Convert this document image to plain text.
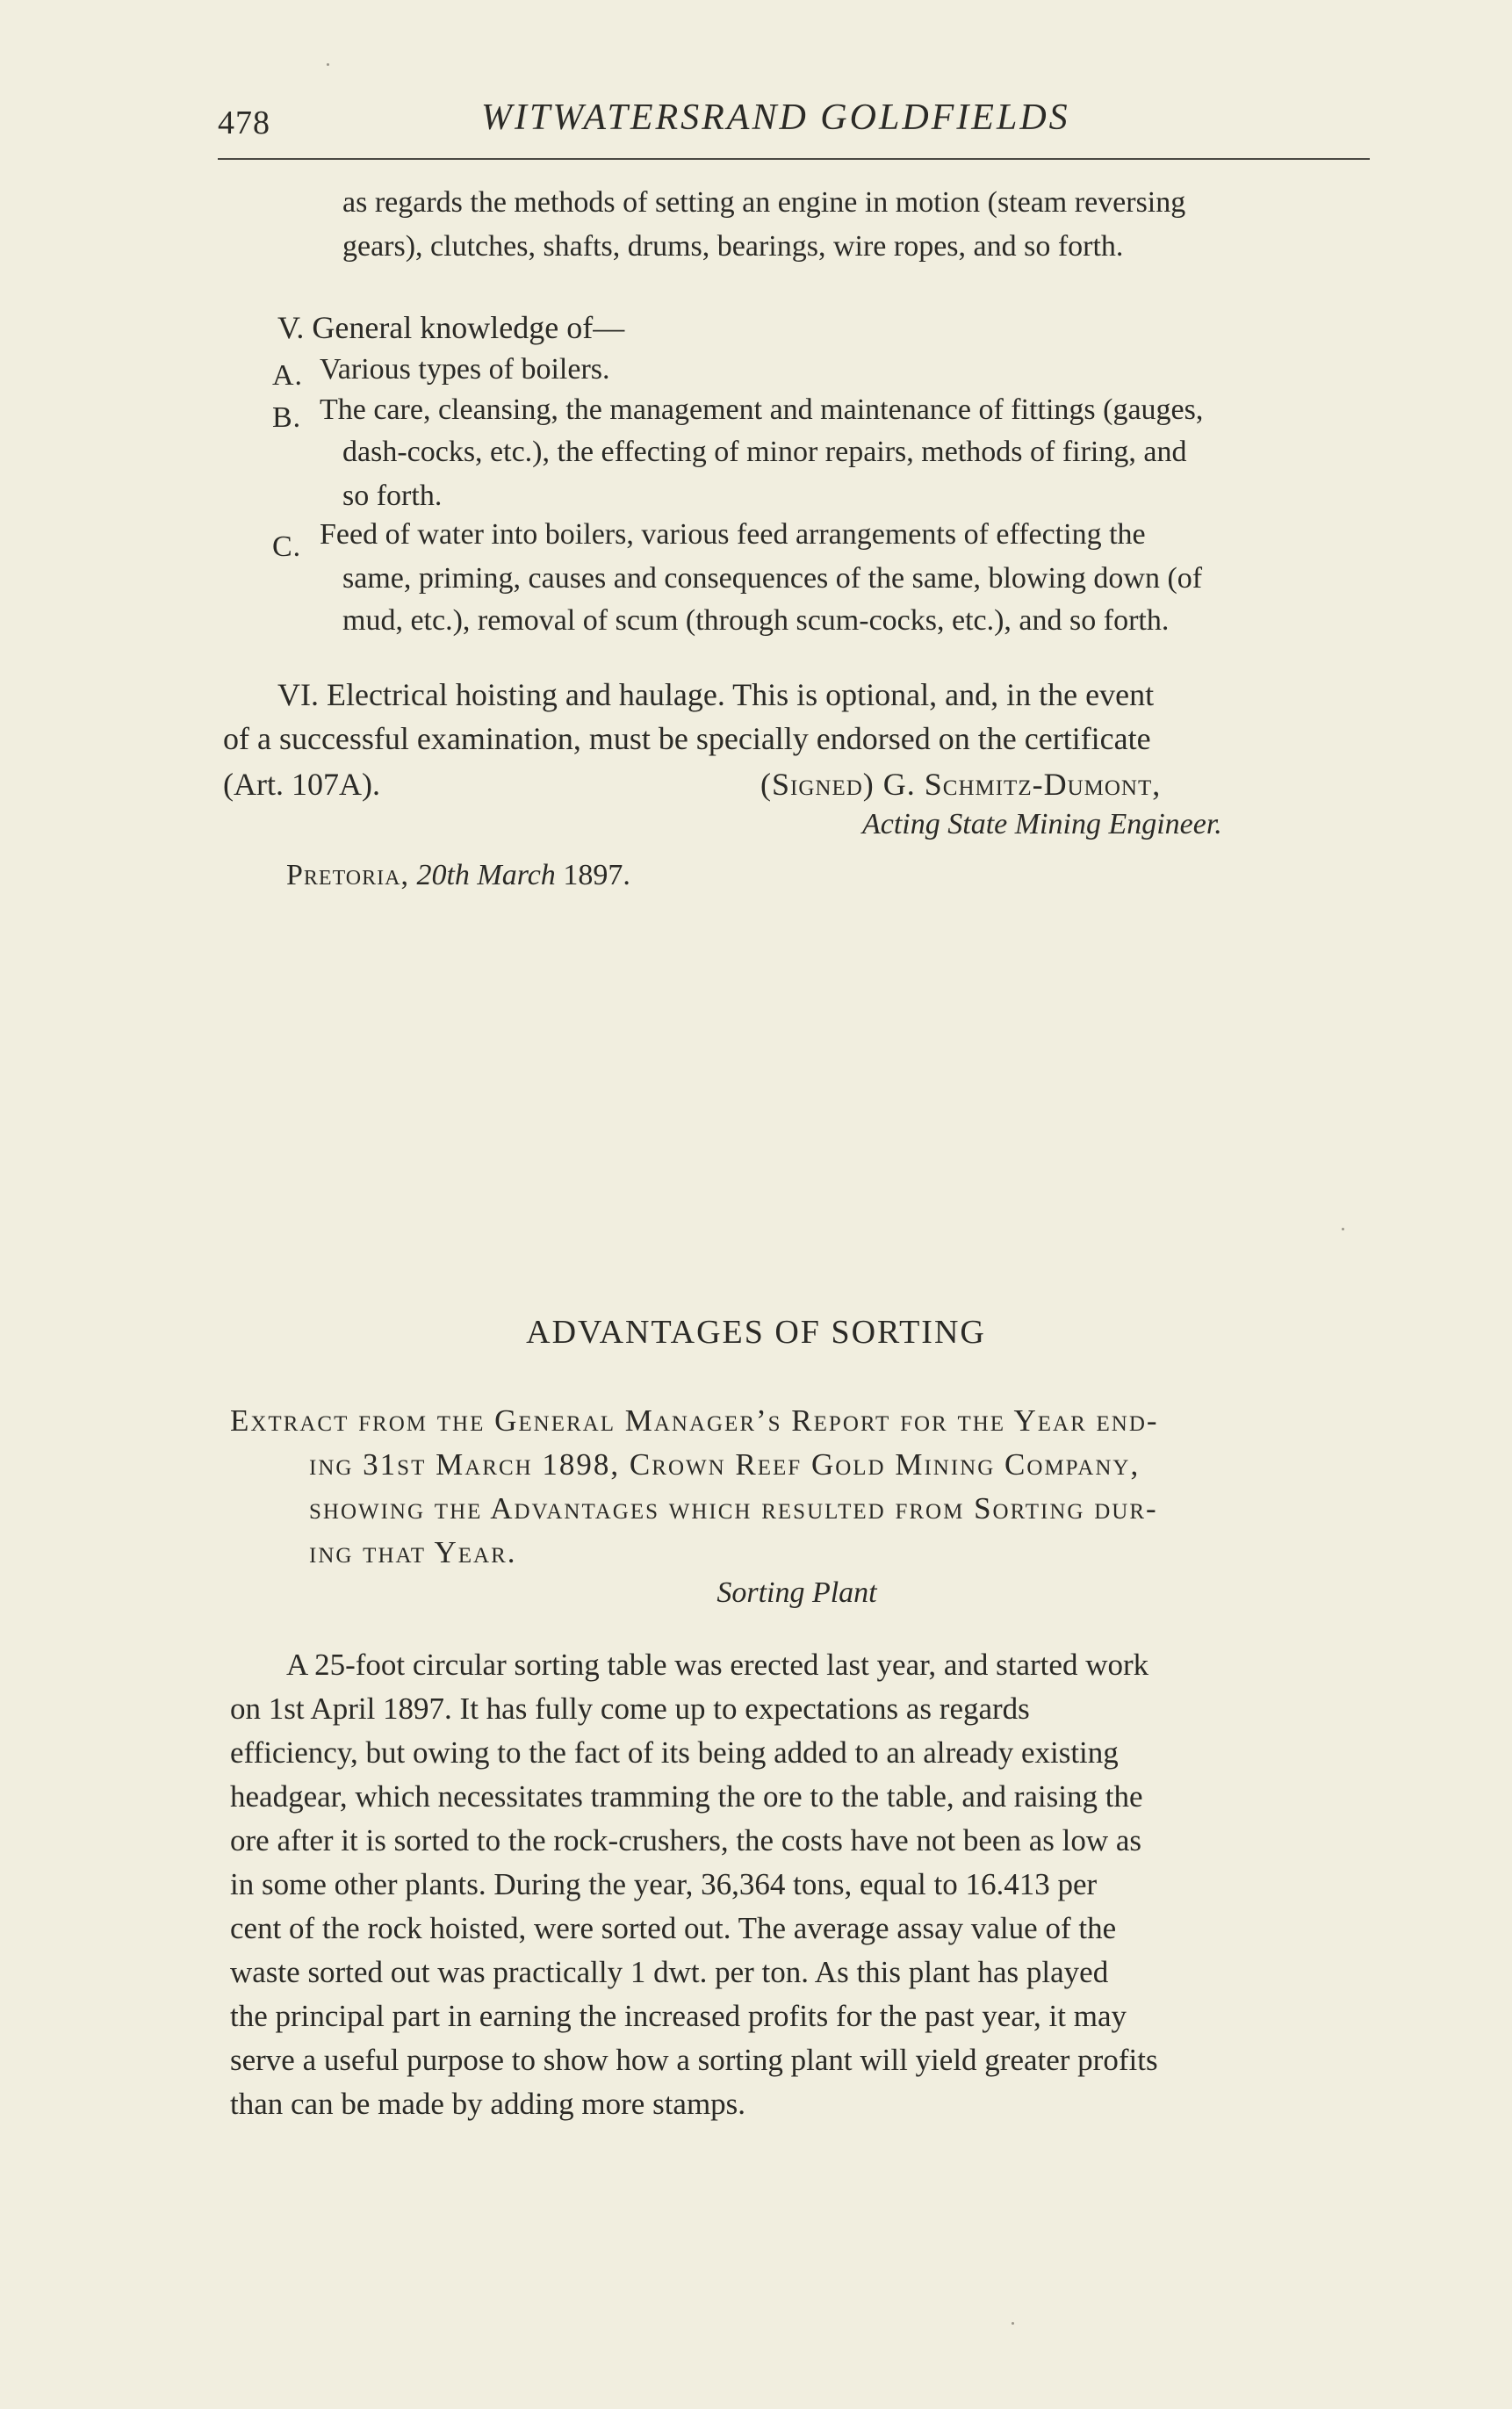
478	WITWATERSRAND GOLDFIELDS
as regards the methods of setting an engine in motion (steam reversing
gears), clutches, shafts, drums, bearings, wire ropes, and so forth.
V. General knowledge of—
A. Various types of boilers.
B. The care, cleansing, the management and maintenance of fittings (gauges,
dash-cocks, etc.), the effecting of minor repairs, methods of firing, and
so forth.
C. Feed of water into boilers, various feed arrangements of effecting the
same, priming, causes and consequences of the same, blowing down (of
mud, etc.), removal of scum (through scum-cocks, etc.), and so forth.
VI. Electrical hoisting and haulage. This is optional, and, in the event
of a successful examination, must be specially endorsed on the certificate
(Art. 107A).	(Signed) G. Schmitz-Dumont,
Acting State Mining Engineer.
Pretoria, 20th March 1897.
ADVANTAGES OF SORTING
Extract from the General Manager’s Report for the Year end-
ing 31st March 1898, Crown Reef Gold Mining Company,
showing the Advantages which resulted from Sorting dur-
ing that Year.
Sorting Plant
A 25-foot circular sorting table was erected last year, and started work
on 1st April 1897. It has fully come up to expectations as regards
efficiency, but owing to the fact of its being added to an already existing
headgear, which necessitates tramming the ore to the table, and raising the
ore after it is sorted to the rock-crushers, the costs have not been as low as
in some other plants. During the year, 36,364 tons, equal to 16.413 per
cent of the rock hoisted, were sorted out. The average assay value of the
waste sorted out was practically 1 dwt. per ton. As this plant has played
the principal part in earning the increased profits for the past year, it may
serve a useful purpose to show how a sorting plant will yield greater profits
than can be made by adding more stamps.
